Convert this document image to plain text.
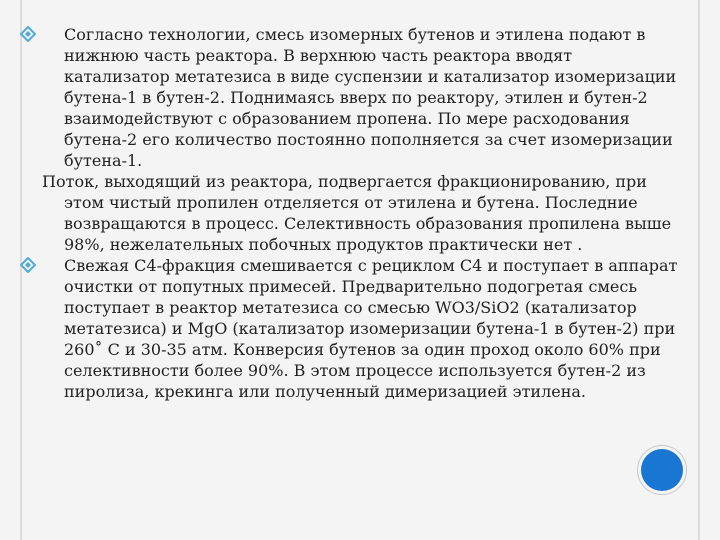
Согласно технологии, смесь изомерных бутенов и этилена подают в нижнюю часть реактора. В верхнюю часть реактора вводят катализатор метатезиса в виде суспензии и катализатор изомеризации бутена-1 в бутен-2. Поднимаясь вверх по реактору, этилен и бутен-2 взаимодействуют с образованием пропена. По мере расходования бутена-2 его количество постоянно пополняется за счет изомеризации бутена-1.
Поток, выходящий из реактора, подвергается фракционированию, при этом чистый пропилен отделяется от этилена и бутена. Последние возвращаются в процесс. Селективность образования пропилена выше 98%, нежелательных побочных продуктов практически нет .
Свежая С4-фракция смешивается с рециклом С4 и поступает в аппарат очистки от попутных примесей. Предварительно подогретая смесь поступает в реактор метатезиса со смесью WO3/SiO2 (катализатор метатезиса) и MgO (катализатор изомеризации бутена-1 в бутен-2) при 260˚ С и 30-35 атм. Конверсия бутенов за один проход около 60% при селективности более 90%. В этом процессе используется бутен-2 из пиролиза, крекинга или полученный димеризацией этилена.
